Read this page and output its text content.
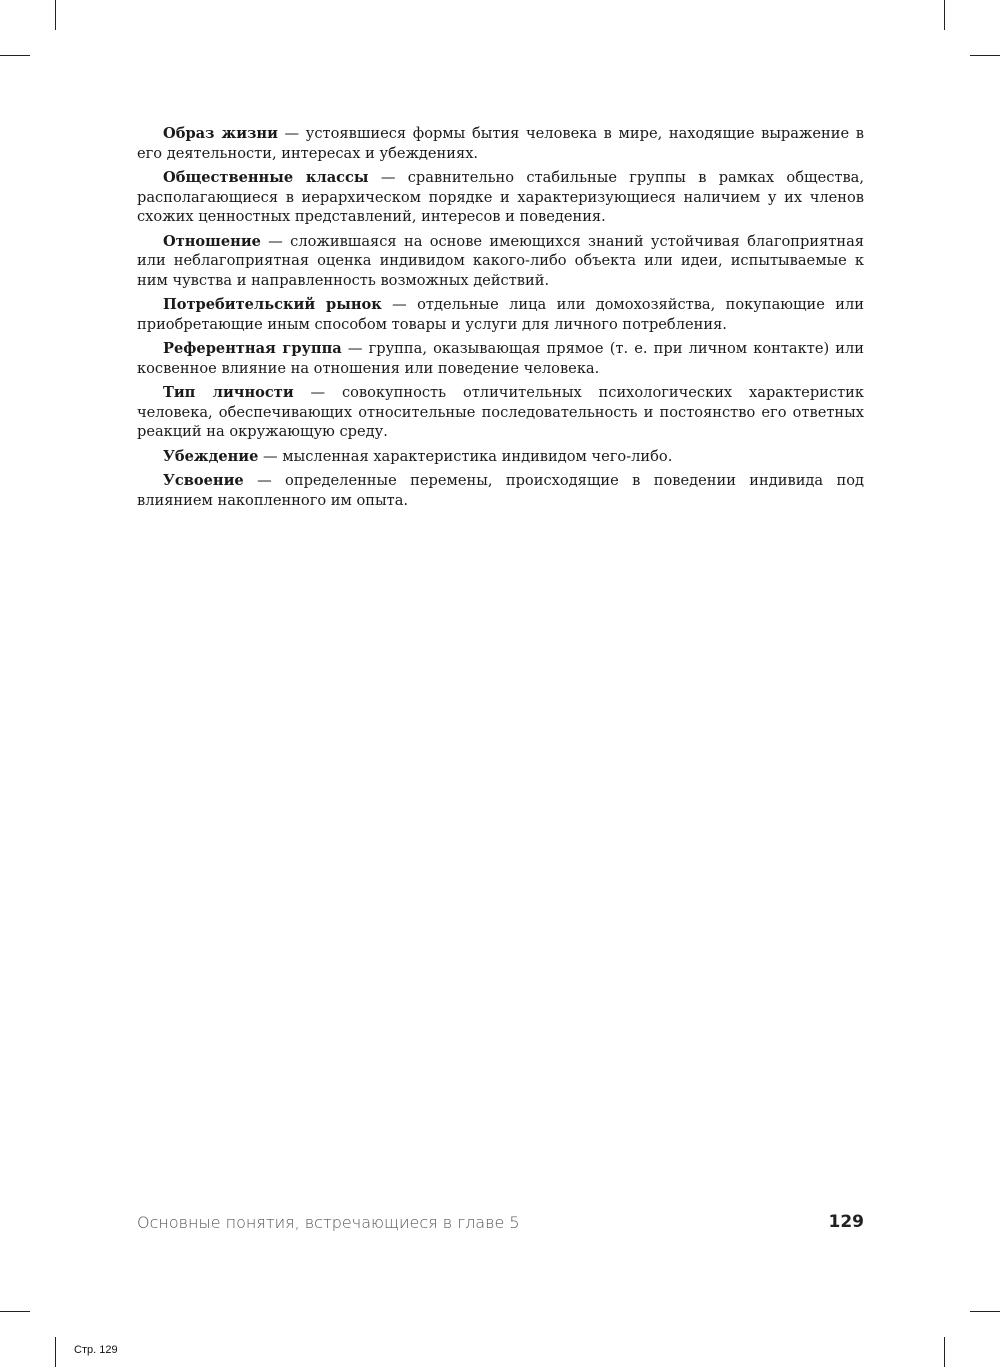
Образ жизни — устоявшиеся формы бытия человека в мире, находящие выражение в его деятельности, интересах и убеждениях.

Общественные классы — сравнительно стабильные группы в рамках общества, располагающиеся в иерархическом порядке и характеризующиеся наличием у их членов схожих ценностных представлений, интересов и поведения.

Отношение — сложившаяся на основе имеющихся знаний устойчивая благоприятная или неблагоприятная оценка индивидом какого-либо объекта или идеи, испытываемые к ним чувства и направленность возможных действий.

Потребительский рынок — отдельные лица или домохозяйства, покупающие или приобретающие иным способом товары и услуги для личного потребления.

Референтная группа — группа, оказывающая прямое (т. е. при личном контакте) или косвенное влияние на отношения или поведение человека.

Тип личности — совокупность отличительных психологических характеристик человека, обеспечивающих относительные последовательность и постоянство его ответных реакций на окружающую среду.

Убеждение — мысленная характеристика индивидом чего-либо.

Усвоение — определенные перемены, происходящие в поведении индивида под влиянием накопленного им опыта.

Основные понятия, встречающиеся в главе 5	129
Стр. 129
